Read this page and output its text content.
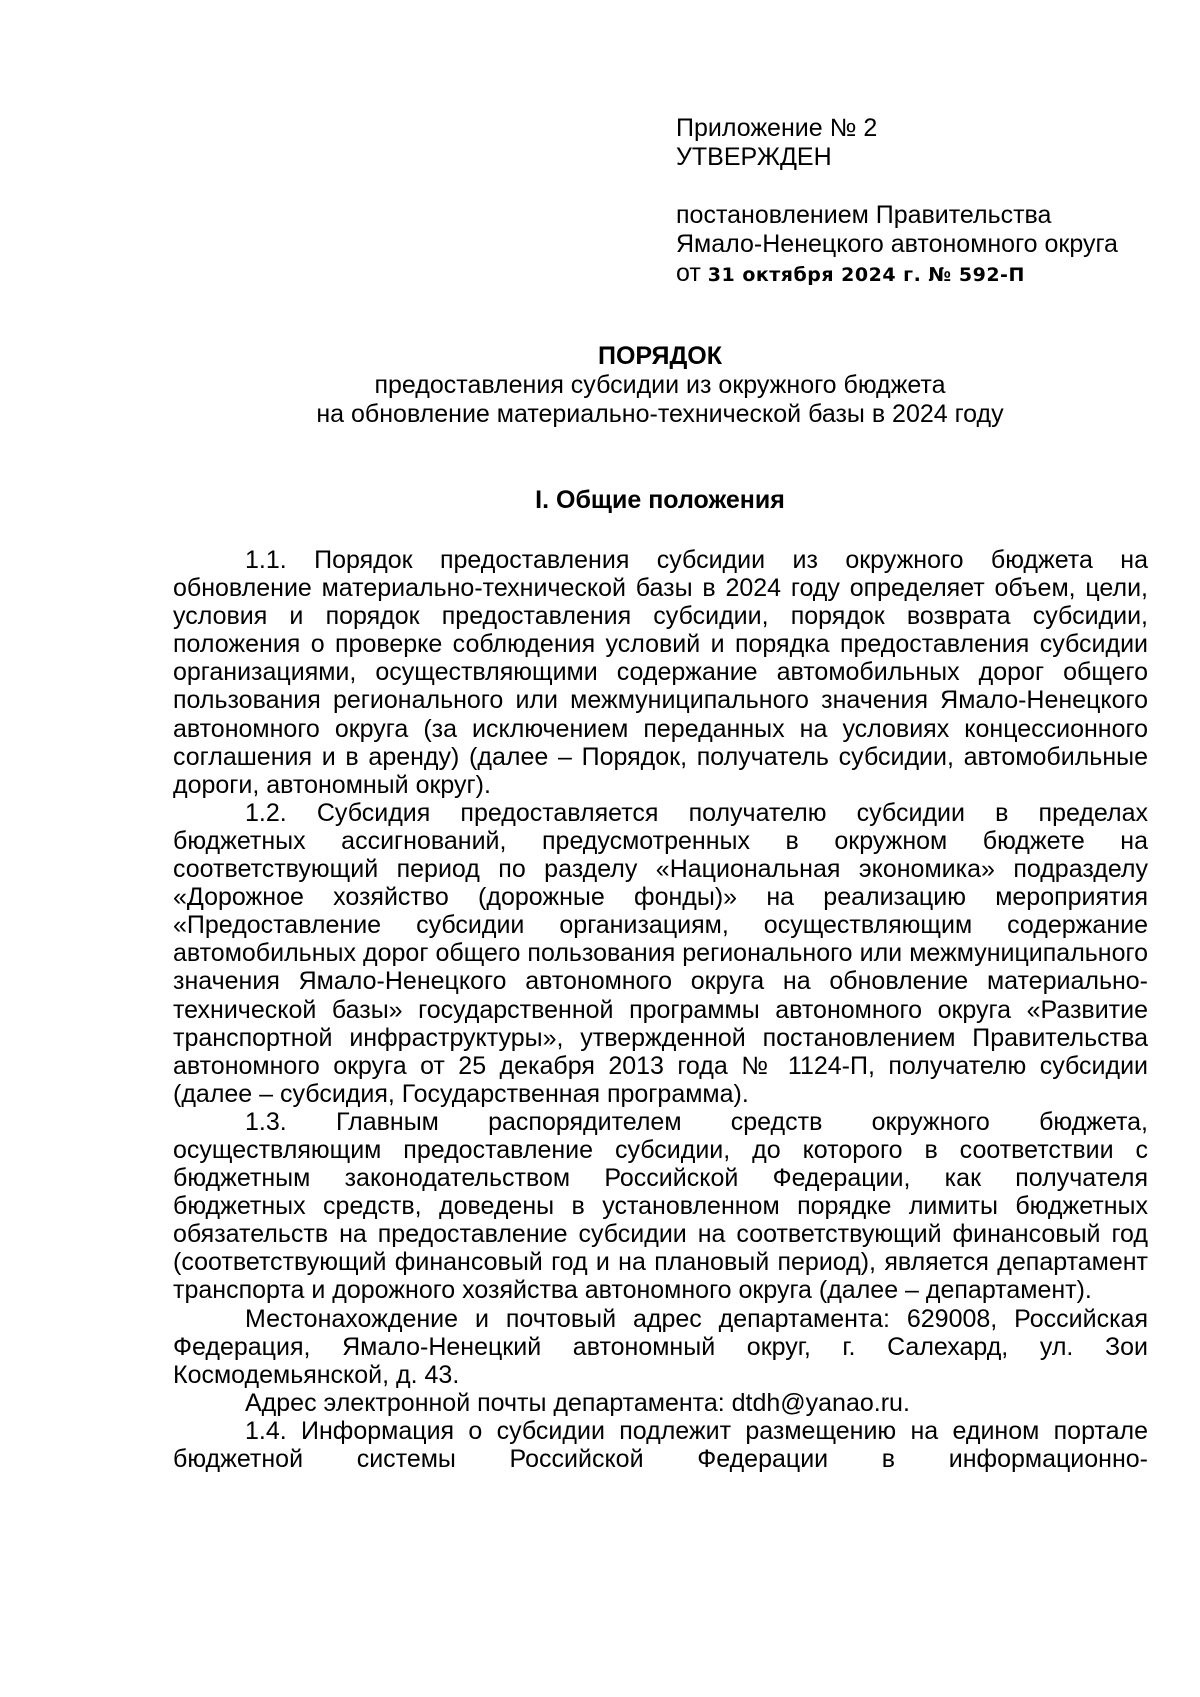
Приложение № 2
УТВЕРЖДЕН
постановлением Правительства
Ямало-Ненецкого автономного округа
от 31 октября 2024 г. № 592-П
ПОРЯДОК
предоставления субсидии из окружного бюджета
на обновление материально-технической базы в 2024 году
I. Общие положения

1.1. Порядок предоставления субсидии из окружного бюджета на обновление материально-технической базы в 2024 году определяет объем, цели, условия и порядок предоставления субсидии, порядок возврата субсидии, положения о проверке соблюдения условий и порядка предоставления субсидии организациями, осуществляющими содержание автомобильных дорог общего пользования регионального или межмуниципального значения Ямало-Ненецкого автономного округа (за исключением переданных на условиях концессионного соглашения и в аренду) (далее – Порядок, получатель субсидии, автомобильные дороги, автономный округ).

1.2. Субсидия предоставляется получателю субсидии в пределах бюджетных ассигнований, предусмотренных в окружном бюджете на соответствующий период по разделу «Национальная экономика» подразделу «Дорожное хозяйство (дорожные фонды)» на реализацию мероприятия «Предоставление субсидии организациям, осуществляющим содержание автомобильных дорог общего пользования регионального или межмуниципального значения Ямало-Ненецкого автономного округа на обновление материально-технической базы» государственной программы автономного округа «Развитие транспортной инфраструктуры», утвержденной постановлением Правительства автономного округа от 25 декабря 2013 года № 1124-П, получателю субсидии (далее – субсидия, Государственная программа).

1.3. Главным распорядителем средств окружного бюджета, осуществляющим предоставление субсидии, до которого в соответствии с бюджетным законодательством Российской Федерации, как получателя бюджетных средств, доведены в установленном порядке лимиты бюджетных обязательств на предоставление субсидии на соответствующий финансовый год (соответствующий финансовый год и на плановый период), является департамент транспорта и дорожного хозяйства автономного округа (далее – департамент).

Местонахождение и почтовый адрес департамента: 629008, Российская Федерация, Ямало-Ненецкий автономный округ, г. Салехард, ул. Зои Космодемьянской, д. 43.

Адрес электронной почты департамента: dtdh@yanao.ru.

1.4. Информация о субсидии подлежит размещению на едином портале бюджетной системы Российской Федерации в информационно-
